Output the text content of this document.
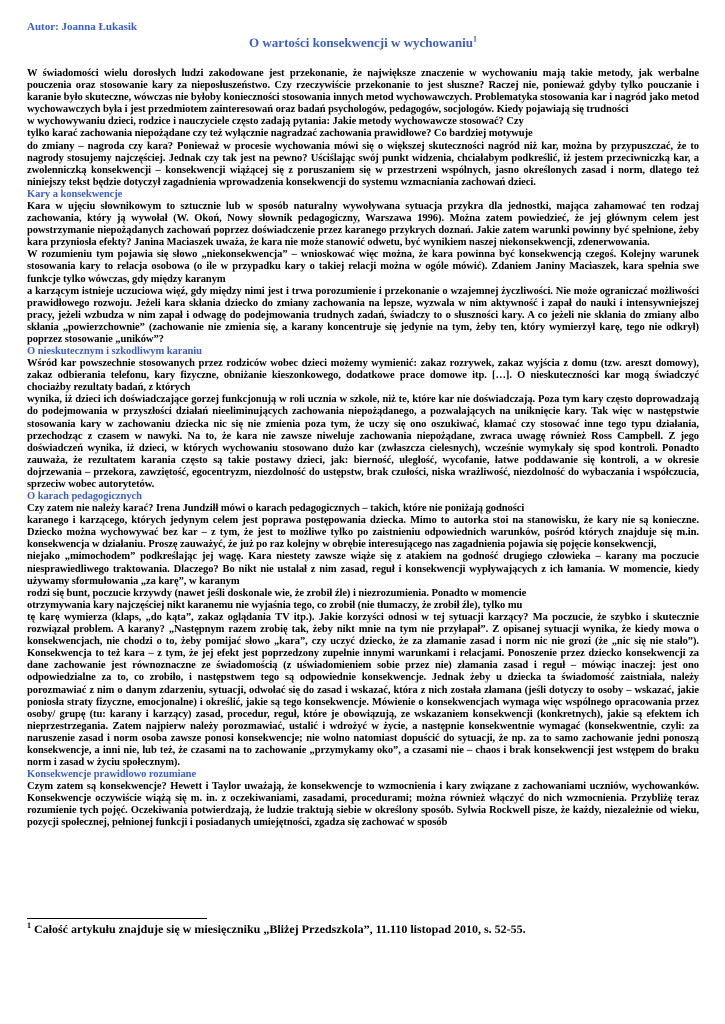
Autor: Joanna Łukasik
O wartości konsekwencji w wychowaniu$^1$

W świadomości wielu dorosłych ludzi zakodowane jest przekonanie, że największe znaczenie w wychowaniu mają takie metody, jak werbalne pouczenia oraz stosowanie kary za nieposłuszeństwo. Czy rzeczywiście przekonanie to jest słuszne? Raczej nie, ponieważ gdyby tylko pouczanie i karanie było skuteczne, wówczas nie byłoby konieczności stosowania innych metod wychowawczych. Problematyka stosowania kar i nagród jako metod wychowawczych była i jest przedmiotem zainteresowań oraz badań psychologów, pedagogów, socjologów. Kiedy pojawiają się trudności

w wychowywaniu dzieci, rodzice i nauczyciele często zadają pytania: Jakie metody wychowawcze stosować? Czy

tylko karać zachowania niepożądane czy też wyłącznie nagradzać zachowania prawidłowe? Co bardziej motywuje

do zmiany – nagroda czy kara? Ponieważ w procesie wychowania mówi się o większej skuteczności nagród niż kar, można by przypuszczać, że to nagrody stosujemy najczęściej. Jednak czy tak jest na pewno? Uściślając swój punkt widzenia, chciałabym podkreślić, iż jestem przeciwniczką kar, a zwolenniczką konsekwencji – konsekwencji wiążącej się z poruszaniem się w przestrzeni wspólnych, jasno określonych zasad i norm, dlatego też niniejszy tekst będzie dotyczył zagadnienia wprowadzenia konsekwencji do systemu wzmacniania zachowań dzieci.

Kary a konsekwencje

Kara w ujęciu słownikowym to sztucznie lub w sposób naturalny wywoływana sytuacja przykra dla jednostki, mająca zahamować ten rodzaj zachowania, który ją wywołał (W. Okoń, Nowy słownik pedagogiczny, Warszawa 1996). Można zatem powiedzieć, że jej głównym celem jest powstrzymanie niepożądanych zachowań poprzez doświadczenie przez karanego przykrych doznań. Jakie zatem warunki powinny być spełnione, żeby kara przyniosła efekty? Janina Maciaszek uważa, że kara nie może stanowić odwetu, być wynikiem naszej niekonsekwencji, zdenerwowania.

W rozumieniu tym pojawia się słowo „niekonsekwencja” – wnioskować więc można, że kara powinna być konsekwencją czegoś. Kolejny warunek stosowania kary to relacja osobowa (o ile w przypadku kary o takiej relacji można w ogóle mówić). Zdaniem Janiny Maciaszek, kara spełnia swe funkcje tylko wówczas, gdy między karanym

a karzącym istnieje uczuciowa więź, gdy między nimi jest i trwa porozumienie i przekonanie o wzajemnej życzliwości. Nie może ograniczać możliwości prawidłowego rozwoju. Jeżeli kara skłania dziecko do zmiany zachowania na lepsze, wyzwala w nim aktywność i zapał do nauki i intensywniejszej pracy, jeżeli wzbudza w nim zapał i odwagę do podejmowania trudnych zadań, świadczy to o słuszności kary. A co jeżeli nie skłania do zmiany albo skłania „powierzchownie” (zachowanie nie zmienia się, a karany koncentruje się jedynie na tym, żeby ten, który wymierzył karę, tego nie odkrył) poprzez stosowanie „uników”?

O nieskutecznym i szkodliwym karaniu

Wśród kar powszechnie stosowanych przez rodziców wobec dzieci możemy wymienić: zakaz rozrywek, zakaz wyjścia z domu (tzw. areszt domowy), zakaz odbierania telefonu, kary fizyczne, obniżanie kieszonkowego, dodatkowe prace domowe itp. […]. O nieskuteczności kar mogą świadczyć chociażby rezultaty badań, z których

wynika, iż dzieci ich doświadczające gorzej funkcjonują w roli ucznia w szkole, niż te, które kar nie doświadczają. Poza tym kary często doprowadzają do podejmowania w przyszłości działań nieeliminujących zachowania niepożądanego, a pozwalających na uniknięcie kary. Tak więc w następstwie stosowania kary w zachowaniu dziecka nic się nie zmienia poza tym, że uczy się ono oszukiwać, kłamać czy stosować inne tego typu działania, przechodząc z czasem w nawyki. Na to, że kara nie zawsze niweluje zachowania niepożądane, zwraca uwagę również Ross Campbell. Z jego doświadczeń wynika, iż dzieci, w których wychowaniu stosowano dużo kar (zwłaszcza cielesnych), wcześnie wymykały się spod kontroli. Ponadto zauważa, że rezultatem karania często są takie postawy dzieci, jak: bierność, uległość, wycofanie, łatwe poddawanie się kontroli, a w okresie dojrzewania – przekora, zawziętość, egocentryzm, niezdolność do ustępstw, brak czułości, niska wrażliwość, niezdolność do wybaczania i współczucia, sprzeciw wobec autorytetów.

O karach pedagogicznych

Czy zatem nie należy karać? Irena Jundziłł mówi o karach pedagogicznych – takich, które nie poniżają godności

karanego i karzącego, których jedynym celem jest poprawa postępowania dziecka. Mimo to autorka stoi na stanowisku, że kary nie są konieczne. Dziecko można wychowywać bez kar – z tym, że jest to możliwe tylko po zaistnieniu odpowiednich warunków, pośród których znajduje się m.in. konsekwencja w działaniu. Proszę zauważyć, że już po raz kolejny w obrębie interesującego nas zagadnienia pojawia się pojęcie konsekwencji,

niejako „mimochodem” podkreślając jej wagę. Kara niestety zawsze wiąże się z atakiem na godność drugiego człowieka – karany ma poczucie niesprawiedliwego traktowania. Dlaczego? Bo nikt nie ustalał z nim zasad, reguł i konsekwencji wypływających z ich łamania. W momencie, kiedy używamy sformułowania „za karę”, w karanym

rodzi się bunt, poczucie krzywdy (nawet jeśli doskonale wie, że zrobił źle) i niezrozumienia. Ponadto w momencie

otrzymywania kary najczęściej nikt karanemu nie wyjaśnia tego, co zrobił (nie tłumaczy, że zrobił źle), tylko mu

tę karę wymierza (klaps, „do kąta”, zakaz oglądania TV itp.). Jakie korzyści odnosi w tej sytuacji karzący? Ma poczucie, że szybko i skutecznie rozwiązał problem. A karany? „Następnym razem zrobię tak, żeby nikt mnie na tym nie przyłapał”. Z opisanej sytuacji wynika, że kiedy mowa o konsekwencjach, nie chodzi o to, żeby pomijać słowo „kara”, czy uczyć dziecko, że za złamanie zasad i norm nic nie grozi (że „nic się nie stało”). Konsekwencja to też kara – z tym, że jej efekt jest poprzedzony zupełnie innymi warunkami i relacjami. Ponoszenie przez dziecko konsekwencji za dane zachowanie jest równoznaczne ze świadomością (z uświadomieniem sobie przez nie) złamania zasad i reguł – mówiąc inaczej: jest ono odpowiedzialne za to, co zrobiło, i następstwem tego są odpowiednie konsekwencje. Jednak żeby u dziecka ta świadomość zaistniała, należy porozmawiać z nim o danym zdarzeniu, sytuacji, odwołać się do zasad i wskazać, która z nich została złamana (jeśli dotyczy to osoby – wskazać, jakie poniosła straty fizyczne, emocjonalne) i określić, jakie są tego konsekwencje. Mówienie o konsekwencjach wymaga więc wspólnego opracowania przez osoby/ grupę (tu: karany i karzący) zasad, procedur, reguł, które je obowiązują, ze wskazaniem konsekwencji (konkretnych), jakie są efektem ich nieprzestrzegania. Zatem najpierw należy porozmawiać, ustalić i wdrożyć w życie, a następnie konsekwentnie wymagać (konsekwentnie, czyli: za naruszenie zasad i norm osoba zawsze ponosi konsekwencje; nie wolno natomiast dopuścić do sytuacji, że np. za to samo zachowanie jedni ponoszą konsekwencje, a inni nie, lub też, że czasami na to zachowanie „przymykamy oko”, a czasami nie – chaos i brak konsekwencji jest wstępem do braku norm i zasad w życiu społecznym).

Konsekwencje prawidłowo rozumiane

Czym zatem są konsekwencje? Hewett i Taylor uważają, że konsekwencje to wzmocnienia i kary związane z zachowaniami uczniów, wychowanków. Konsekwencje oczywiście wiążą się m. in. z oczekiwaniami, zasadami, procedurami; można również włączyć do nich wzmocnienia. Przybliżę teraz rozumienie tych pojęć. Oczekiwania potwierdzają, że ludzie traktują siebie w określony sposób. Sylwia Rockwell pisze, że każdy, niezależnie od wieku, pozycji społecznej, pełnionej funkcji i posiadanych umiejętności, zgadza się zachować w sposób

$^1$ Całość artykułu znajduje się w miesięczniku „Bliżej Przedszkola”, 11.110 listopad 2010, s. 52-55.
